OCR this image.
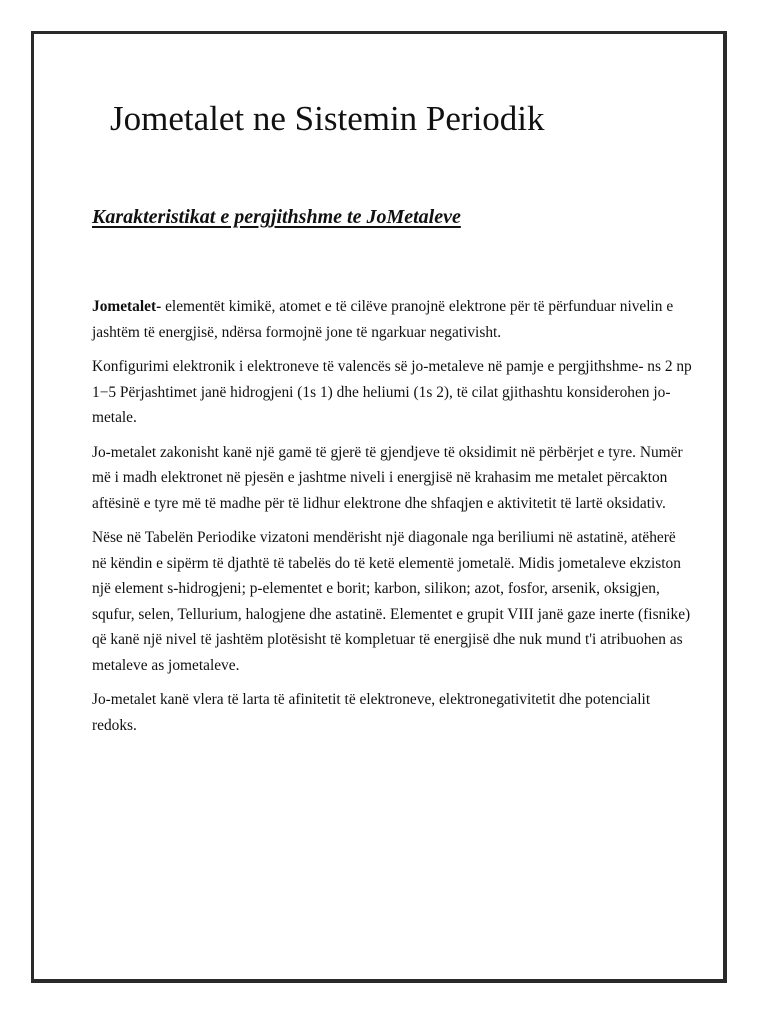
Jometalet ne Sistemin Periodik
Karakteristikat e pergjithshme te JoMetaleve

Jometalet- elementët kimikë, atomet e të cilëve pranojnë elektrone për të përfunduar nivelin e jashtëm të energjisë, ndërsa formojnë jone të ngarkuar negativisht.

Konfigurimi elektronik i elektroneve të valencës së jo-metaleve në pamje e pergjithshme- ns 2 np 1−5 Përjashtimet janë hidrogjeni (1s 1) dhe heliumi (1s 2), të cilat gjithashtu konsiderohen jo-metale.

Jo-metalet zakonisht kanë një gamë të gjerë të gjendjeve të oksidimit në përbërjet e tyre. Numër më i madh elektronet në pjesën e jashtme niveli i energjisë në krahasim me metalet përcakton aftësinë e tyre më të madhe për të lidhur elektrone dhe shfaqjen e aktivitetit të lartë oksidativ.

Nëse në Tabelën Periodike vizatoni mendërisht një diagonale nga beriliumi në astatinë, atëherë në këndin e sipërm të djathtë të tabelës do të ketë elementë jometalë. Midis jometaleve ekziston një element s-hidrogjeni; p-elementet e borit; karbon, silikon; azot, fosfor, arsenik, oksigjen, squfur, selen, Tellurium, halogjene dhe astatinë. Elementet e grupit VIII janë gaze inerte (fisnike) që kanë një nivel të jashtëm plotësisht të kompletuar të energjisë dhe nuk mund t'i atribuohen as metaleve as jometaleve.

Jo-metalet kanë vlera të larta të afinitetit të elektroneve, elektronegativitetit dhe potencialit redoks.
